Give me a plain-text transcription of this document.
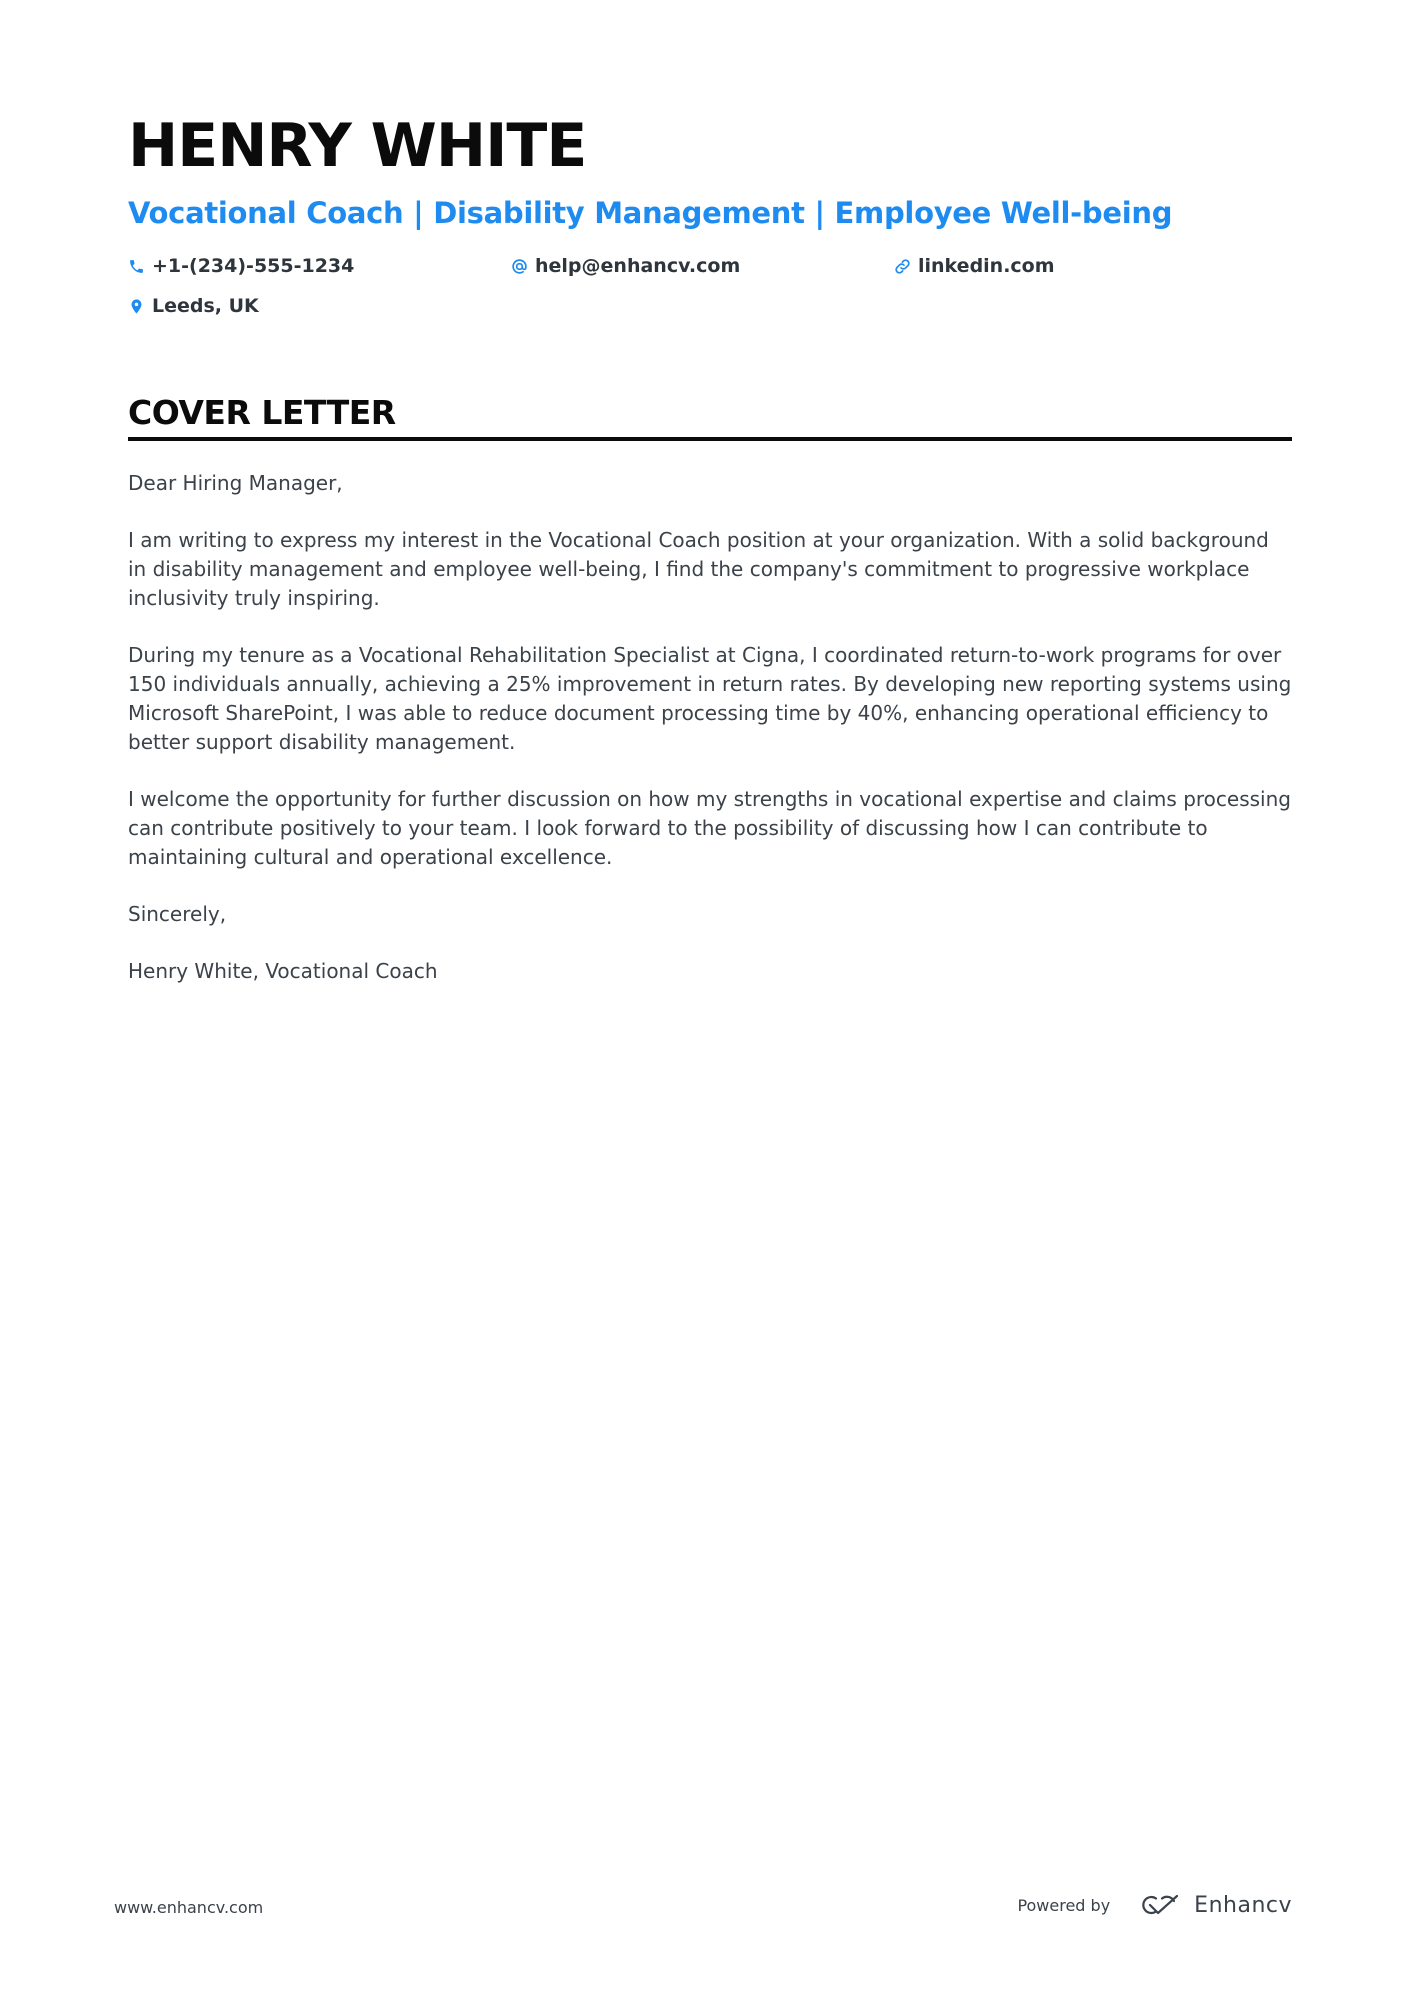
HENRY WHITE
Vocational Coach | Disability Management | Employee Well-being
+1-(234)-555-1234	help@enhancv.com	linkedin.com
Leeds, UK
COVER LETTER

Dear Hiring Manager,

I am writing to express my interest in the Vocational Coach position at your organization. With a solid background in disability management and employee well-being, I find the company's commitment to progressive workplace inclusivity truly inspiring.

During my tenure as a Vocational Rehabilitation Specialist at Cigna, I coordinated return-to-work programs for over 150 individuals annually, achieving a 25% improvement in return rates. By developing new reporting systems using Microsoft SharePoint, I was able to reduce document processing time by 40%, enhancing operational efficiency to better support disability management.

I welcome the opportunity for further discussion on how my strengths in vocational expertise and claims processing can contribute positively to your team. I look forward to the possibility of discussing how I can contribute to maintaining cultural and operational excellence.

Sincerely,

Henry White, Vocational Coach

www.enhancv.com	Powered by	Enhancv
